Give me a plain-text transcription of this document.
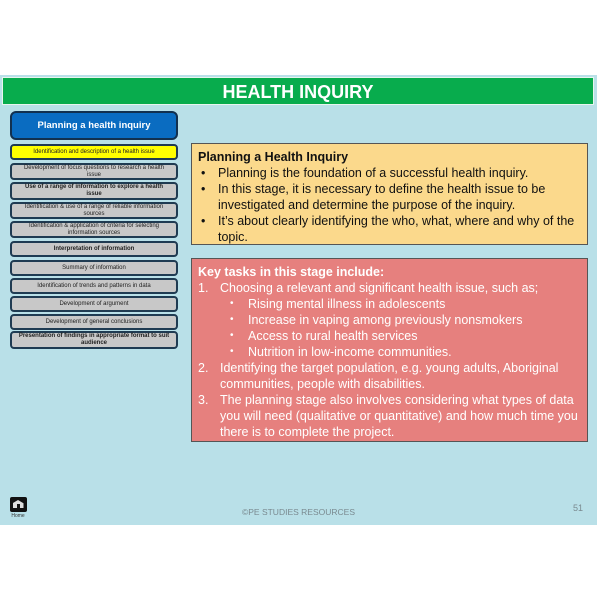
HEALTH INQUIRY
Planning a health inquiry
Identification and description of a health issue
Development of focus questions to research a health issue
Use of a range of information to explore a health issue
Identification & use of a range of reliable information sources
Identification & application of criteria for selecting information sources
Interpretation of information
Summary of information
Identification of trends and patterns in data
Development of argument
Development of general conclusions
Presentation of findings in appropriate format to suit audience
Planning a Health Inquiry
• Planning is the foundation of a successful health inquiry.
• In this stage, it is necessary to define the health issue to be investigated and determine the purpose of the inquiry.
• It’s about clearly identifying the who, what, where and why of the topic.
Key tasks in this stage include:
1. Choosing a relevant and significant health issue, such as;
• Rising mental illness in adolescents
• Increase in vaping among previously nonsmokers
• Access to rural health services
• Nutrition in low-income communities.
2. Identifying the target population, e.g. young adults, Aboriginal communities, people with disabilities.
3. The planning stage also involves considering what types of data you will need (qualitative or quantitative) and how much time you there is to complete the project.
Home	©PE STUDIES RESOURCES	51
